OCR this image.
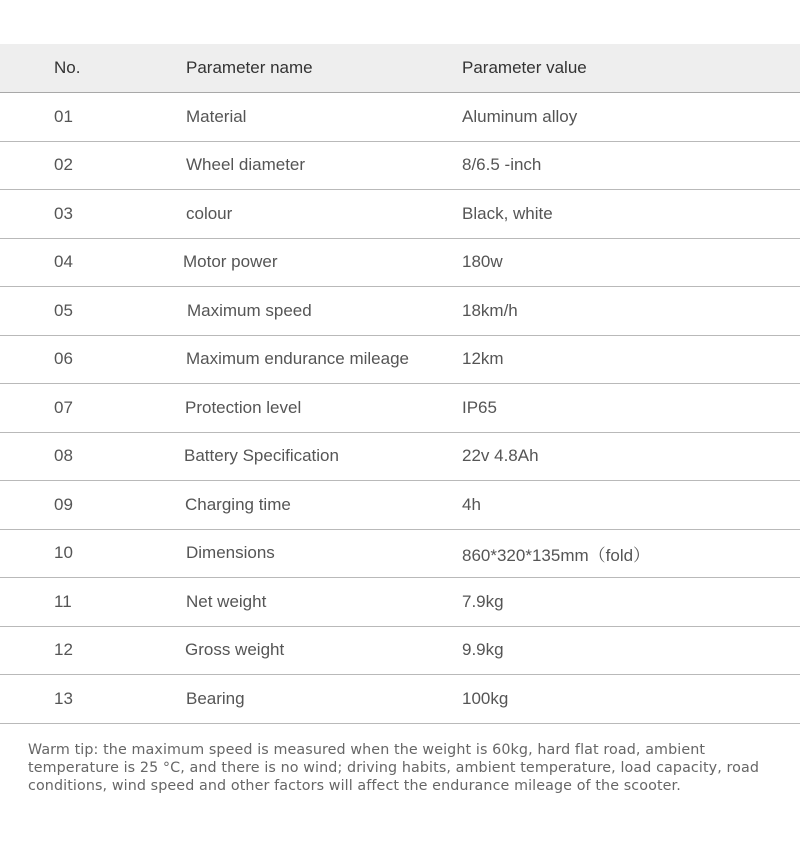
No.	Parameter name	Parameter value
01	Material	Aluminum alloy
02	Wheel diameter	8/6.5 -inch
03	colour	Black, white
04	Motor power	180w
05	Maximum speed	18km/h
06	Maximum endurance mileage	12km
07	Protection level	IP65
08	Battery Specification	22v 4.8Ah
09	Charging time	4h
10	Dimensions	860*320*135mm（fold）
11	Net weight	7.9kg
12	Gross weight	9.9kg
13	Bearing	100kg
Warm tip: the maximum speed is measured when the weight is 60kg, hard flat road, ambient temperature is 25 °C, and there is no wind; driving habits, ambient temperature, load capacity, road conditions, wind speed and other factors will affect the endurance mileage of the scooter.
